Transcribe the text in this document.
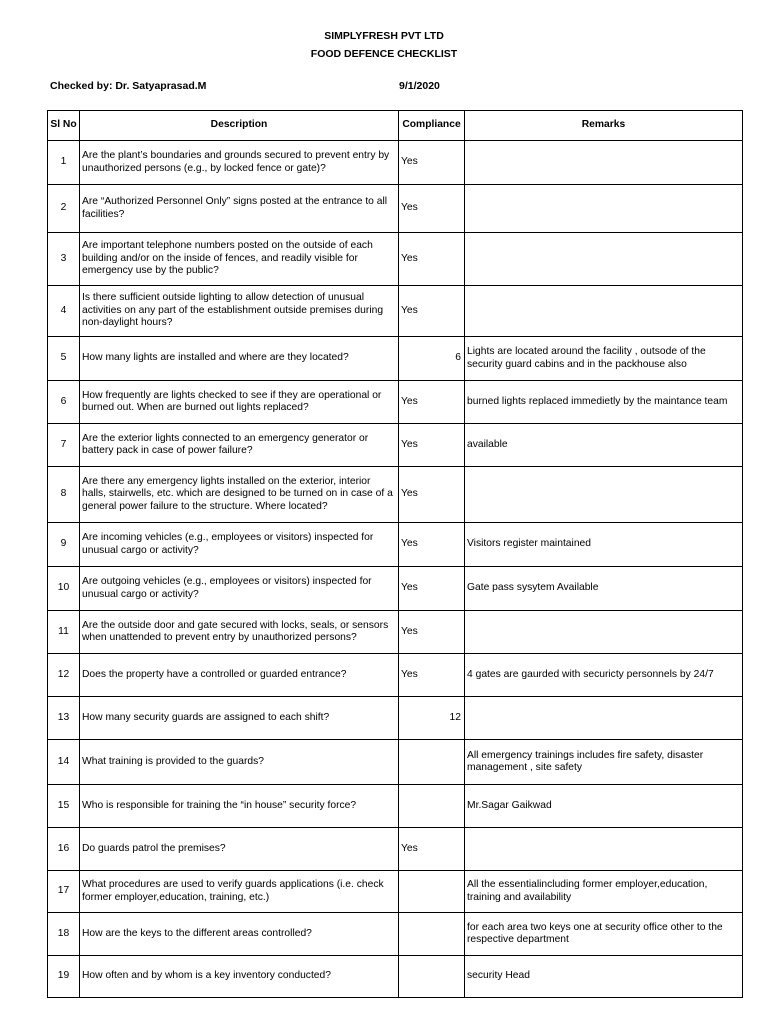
SIMPLYFRESH PVT LTD
FOOD DEFENCE CHECKLIST
Checked by: Dr. Satyaprasad.M	9/1/2020
Sl No	Description	Compliance	Remarks
1	Are the plant’s boundaries and grounds secured to prevent entry by unauthorized persons (e.g., by locked fence or gate)?	Yes	
2	Are “Authorized Personnel Only” signs posted at the entrance to all facilities?	Yes	
3	Are important telephone numbers posted on the outside of each building and/or on the inside of fences, and readily visible for emergency use by the public?	Yes	
4	Is there sufficient outside lighting to allow detection of unusual activities on any part of the establishment outside premises during non-daylight hours?	Yes	
5	How many lights are installed and where are they located?	6	Lights are located around the facility , outsode of the security guard cabins and in the packhouse also
6	How frequently are lights checked to see if they are operational or burned out. When are burned out lights replaced?	Yes	burned lights replaced immedietly by the maintance team
7	Are the exterior lights connected to an emergency generator or battery pack in case of power failure?	Yes	available
8	Are there any emergency lights installed on the exterior, interior halls, stairwells, etc. which are designed to be turned on in case of a general power failure to the structure. Where located?	Yes	
9	Are incoming vehicles (e.g., employees or visitors) inspected for unusual cargo or activity?	Yes	Visitors register maintained
10	Are outgoing vehicles (e.g., employees or visitors) inspected for unusual cargo or activity?	Yes	Gate pass sysytem Available
11	Are the outside door and gate secured with locks, seals, or sensors when unattended to prevent entry by unauthorized persons?	Yes	
12	Does the property have a controlled or guarded entrance?	Yes	4 gates are gaurded with securicty personnels by 24/7
13	How many security guards are assigned to each shift?	12	
14	What training is provided to the guards?		All emergency trainings includes fire safety, disaster management , site safety
15	Who is responsible for training the “in house” security force?		Mr.Sagar Gaikwad
16	Do guards patrol the premises?	Yes	
17	What procedures are used to verify guards applications (i.e. check former employer,education, training, etc.)		All the essentialincluding former employer,education, training and availability
18	How are the keys to the different areas controlled?		for each area two keys one at security office other to the respective department
19	How often and by whom is a key inventory conducted?		security Head
